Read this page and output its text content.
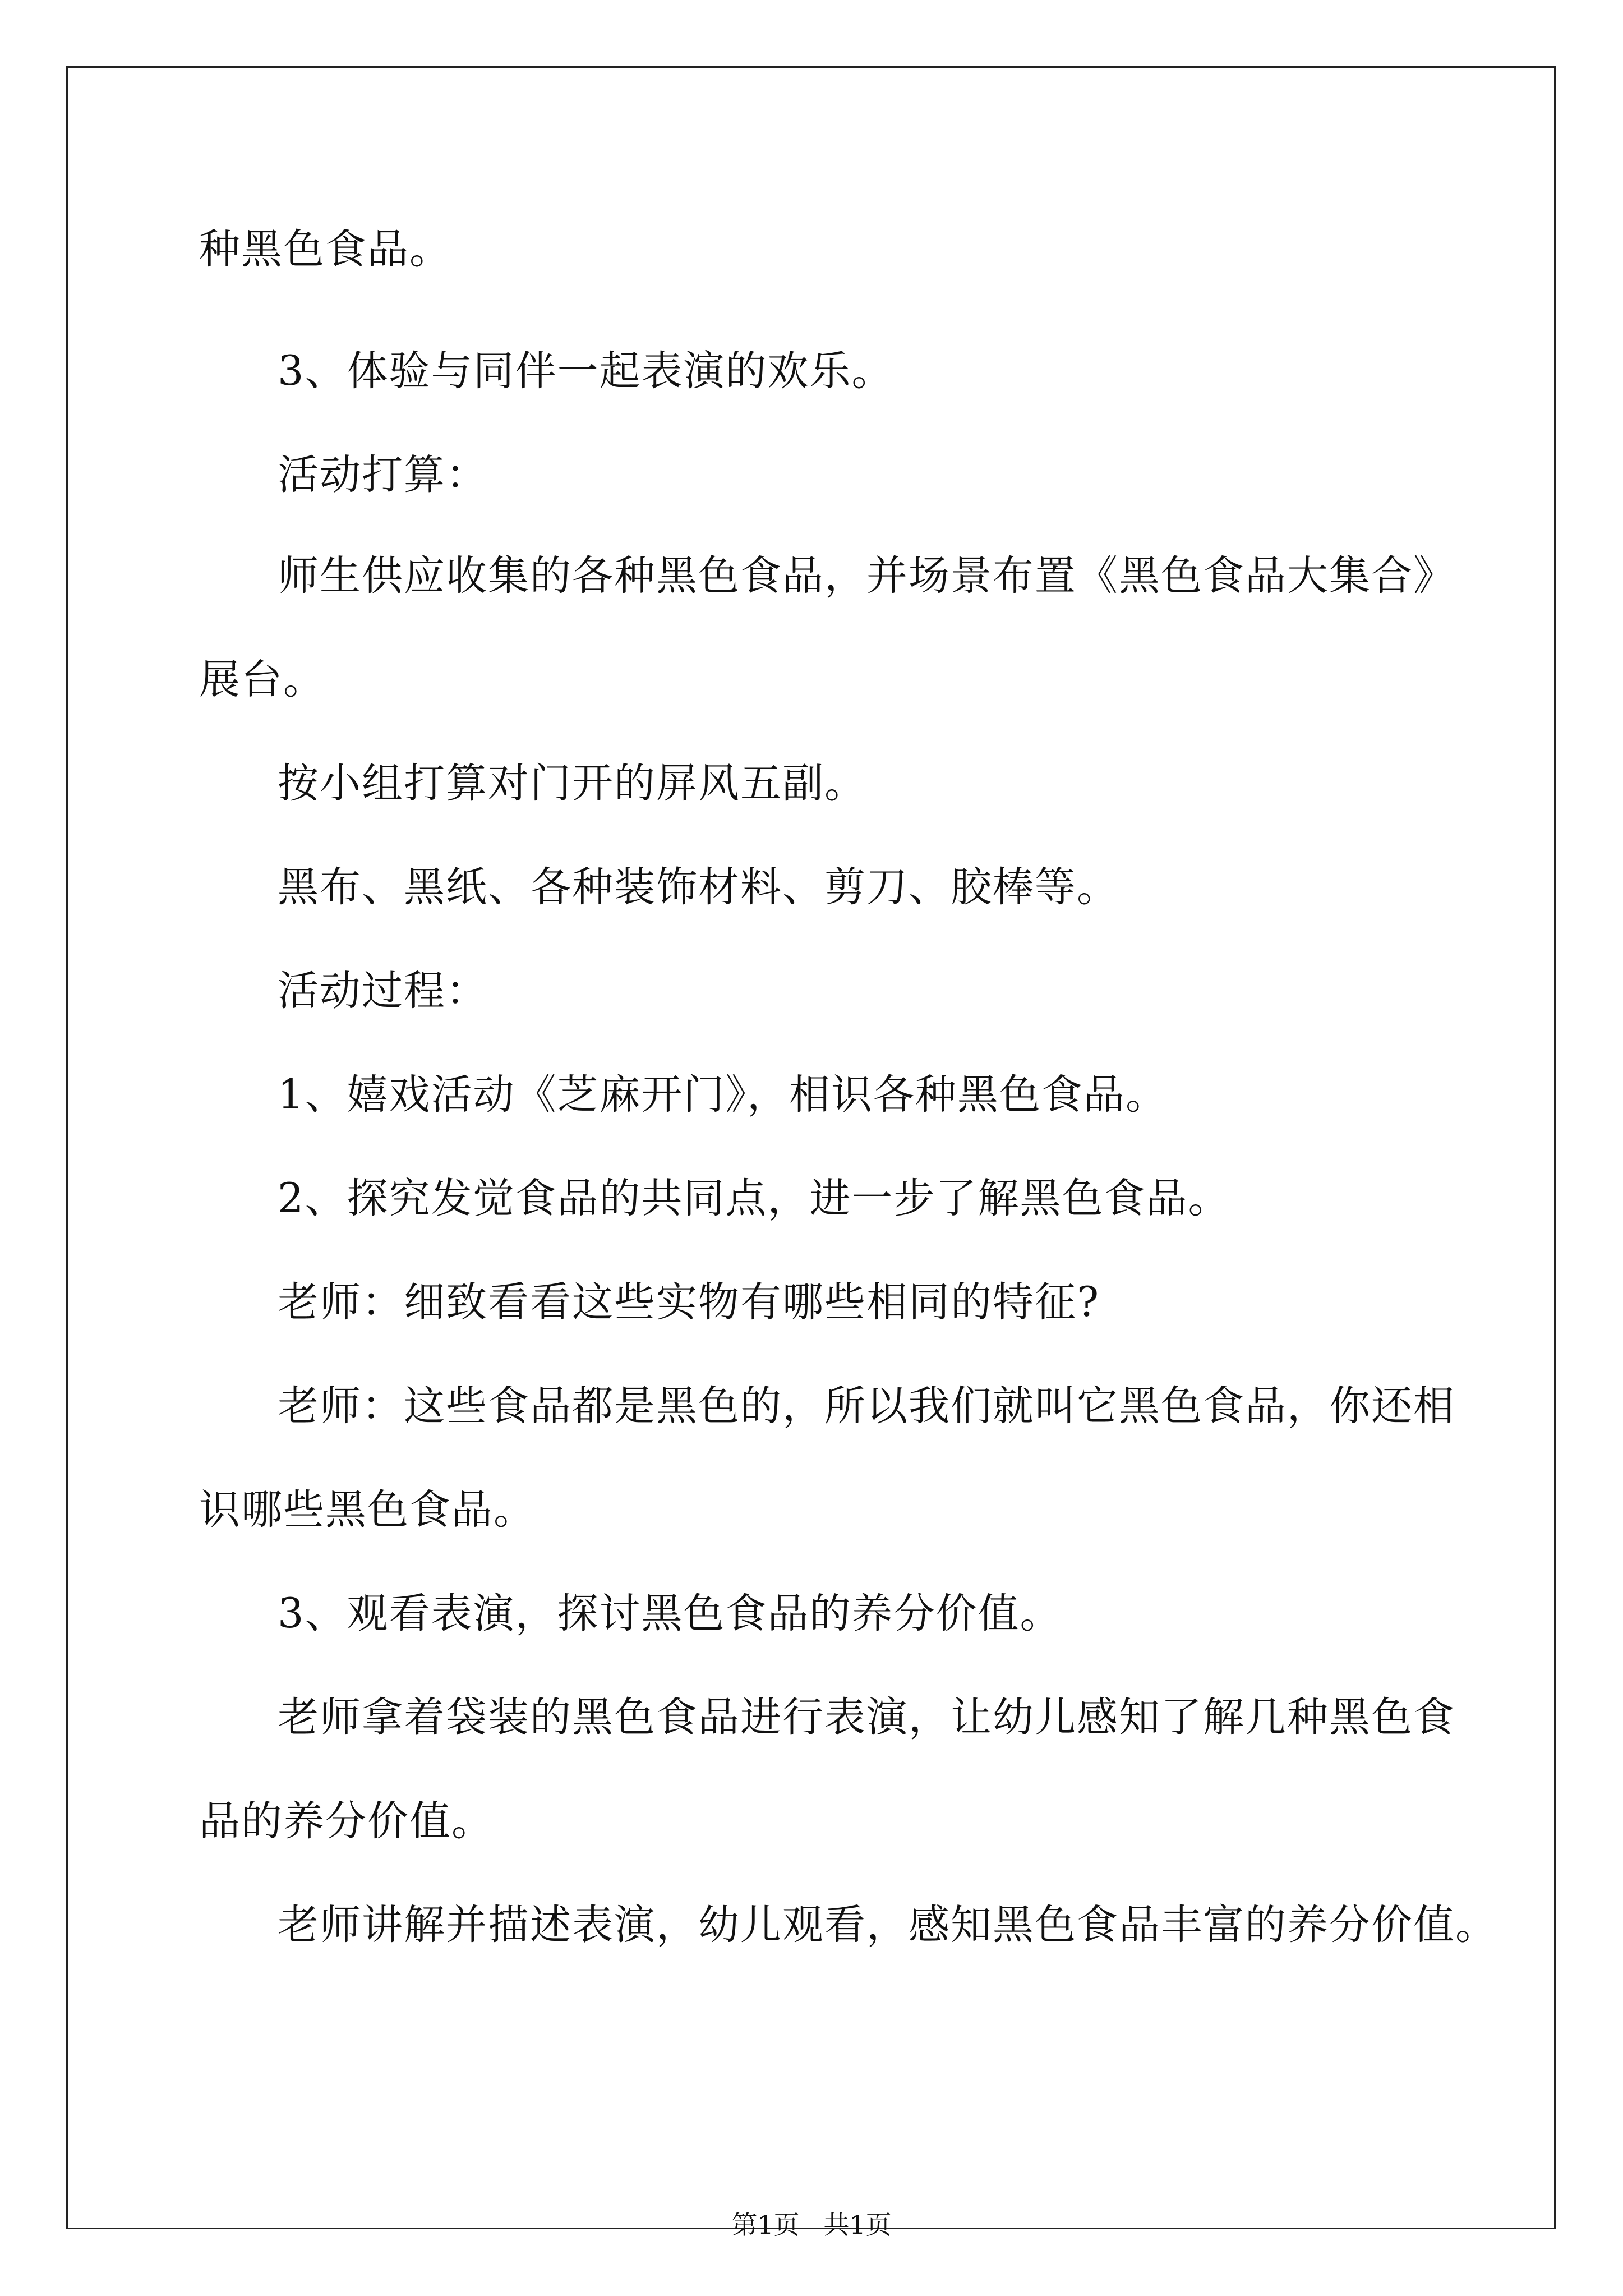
种黑色食品。
3、体验与同伴一起表演的欢乐。
活动打算：
师生供应收集的各种黑色食品，并场景布置《黑色食品大集合》
展台。
按小组打算对门开的屏风五副。
黑布、黑纸、各种装饰材料、剪刀、胶棒等。
活动过程：
1、嬉戏活动《芝麻开门》，相识各种黑色食品。
2、探究发觉食品的共同点，进一步了解黑色食品。
老师：细致看看这些实物有哪些相同的特征?
老师：这些食品都是黑色的，所以我们就叫它黑色食品，你还相
识哪些黑色食品。
3、观看表演，探讨黑色食品的养分价值。
老师拿着袋装的黑色食品进行表演，让幼儿感知了解几种黑色食
品的养分价值。
老师讲解并描述表演，幼儿观看，感知黑色食品丰富的养分价值。
第1页 共1页
